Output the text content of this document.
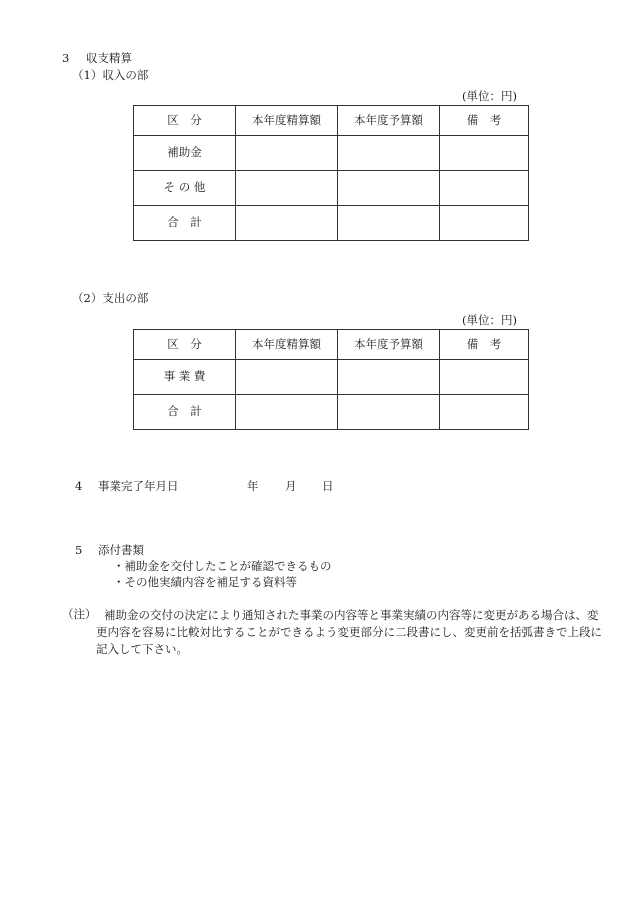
3 収支精算
（1）収入の部
(単位：円)
区　分	本年度精算額	本年度予算額	備　考
補助金			
そ の 他			
合　計			
（2）支出の部
(単位：円)
区　分	本年度精算額	本年度予算額	備　考
事 業 費			
合　計			
4 事業完了年月日	年 月 日
5 添付書類
・補助金を交付したことが確認できるもの
・その他実績内容を補足する資料等
（注） 補助金の交付の決定により通知された事業の内容等と事業実績の内容等に変更がある場合は、変更内容を容易に比較対比することができるよう変更部分に二段書にし、変更前を括弧書きで上段に記入して下さい。
